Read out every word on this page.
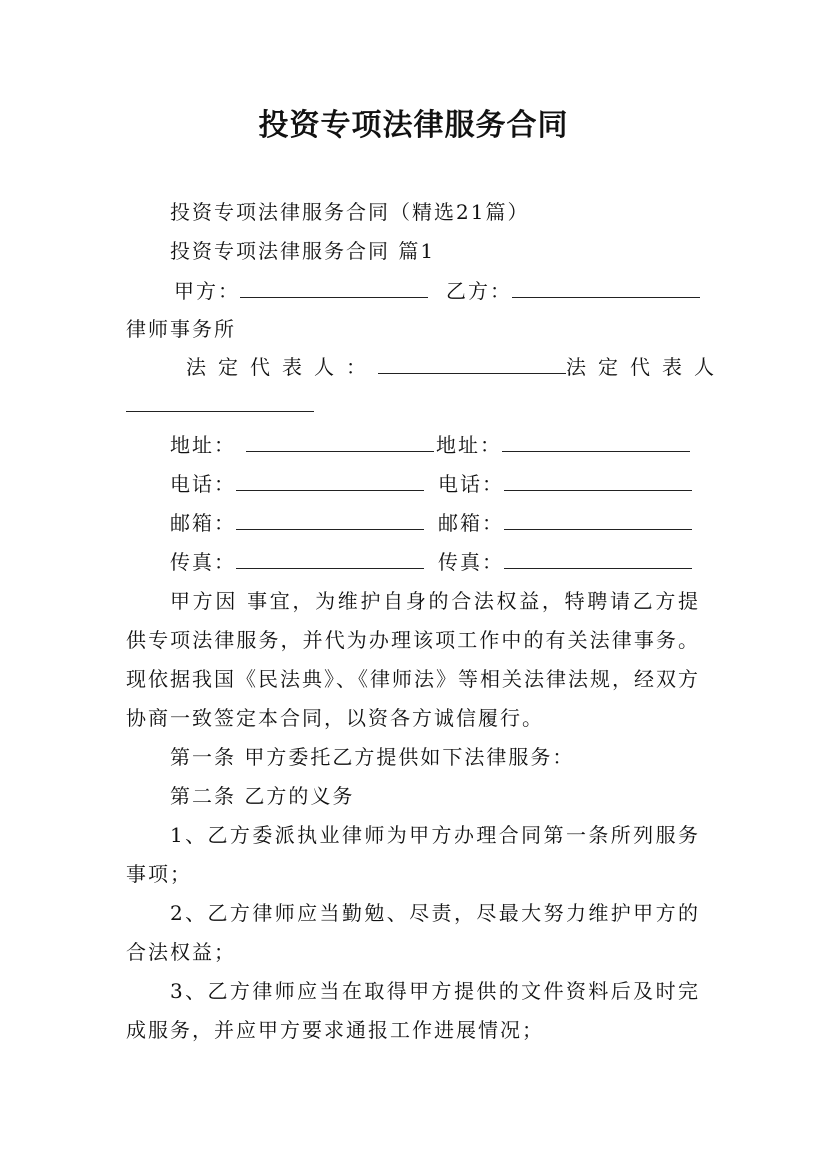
投资专项法律服务合同
投资专项法律服务合同（精选21篇）
投资专项法律服务合同 篇1
甲方：	乙方：
律师事务所
法定代表人：	法定代表人
地址：	地址：
电话：	电话：
邮箱：	邮箱：
传真：	传真：
甲方因 事宜，为维护自身的合法权益，特聘请乙方提
供专项法律服务，并代为办理该项工作中的有关法律事务。
现依据我国《民法典》、《律师法》等相关法律法规，经双方
协商一致签定本合同，以资各方诚信履行。
第一条 甲方委托乙方提供如下法律服务：
第二条 乙方的义务
1、乙方委派执业律师为甲方办理合同第一条所列服务
事项；
2、乙方律师应当勤勉、尽责，尽最大努力维护甲方的
合法权益；
3、乙方律师应当在取得甲方提供的文件资料后及时完
成服务，并应甲方要求通报工作进展情况；
